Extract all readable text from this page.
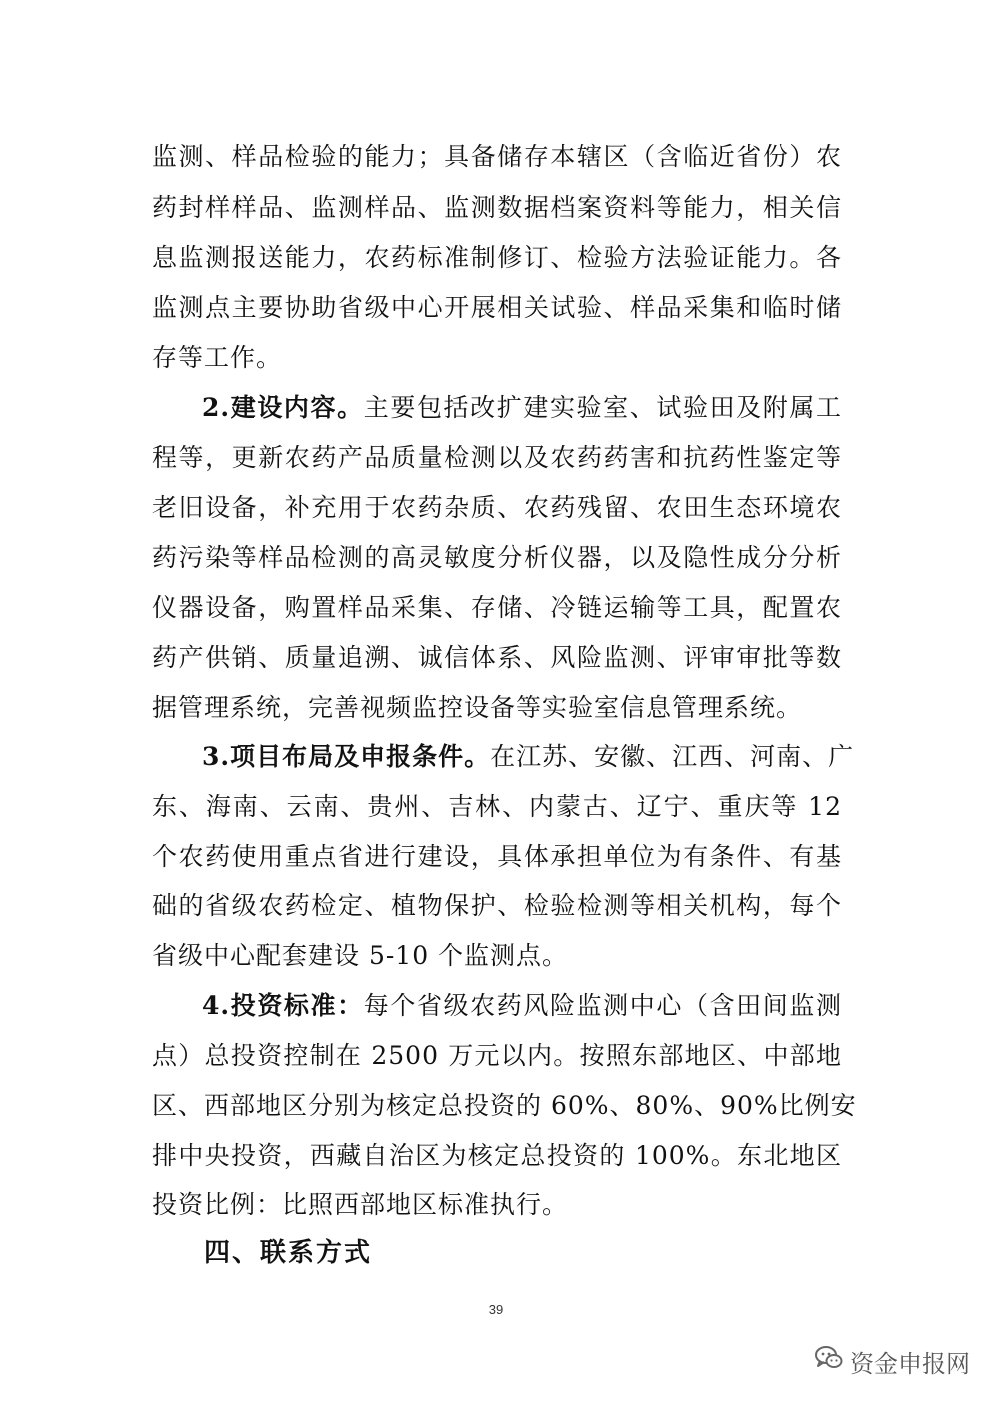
监测、样品检验的能力；具备储存本辖区（含临近省份）农
药封样样品、监测样品、监测数据档案资料等能力，相关信
息监测报送能力，农药标准制修订、检验方法验证能力。各
监测点主要协助省级中心开展相关试验、样品采集和临时储
存等工作。
2.建设内容。主要包括改扩建实验室、试验田及附属工
程等，更新农药产品质量检测以及农药药害和抗药性鉴定等
老旧设备，补充用于农药杂质、农药残留、农田生态环境农
药污染等样品检测的高灵敏度分析仪器，以及隐性成分分析
仪器设备，购置样品采集、存储、冷链运输等工具，配置农
药产供销、质量追溯、诚信体系、风险监测、评审审批等数
据管理系统，完善视频监控设备等实验室信息管理系统。
3.项目布局及申报条件。在江苏、安徽、江西、河南、广
东、海南、云南、贵州、吉林、内蒙古、辽宁、重庆等 12
个农药使用重点省进行建设，具体承担单位为有条件、有基
础的省级农药检定、植物保护、检验检测等相关机构，每个
省级中心配套建设 5-10 个监测点。
4.投资标准：每个省级农药风险监测中心（含田间监测
点）总投资控制在 2500 万元以内。按照东部地区、中部地
区、西部地区分别为核定总投资的 60%、80%、90%比例安
排中央投资，西藏自治区为核定总投资的 100%。东北地区
投资比例：比照西部地区标准执行。
四、联系方式
39
资金申报网
